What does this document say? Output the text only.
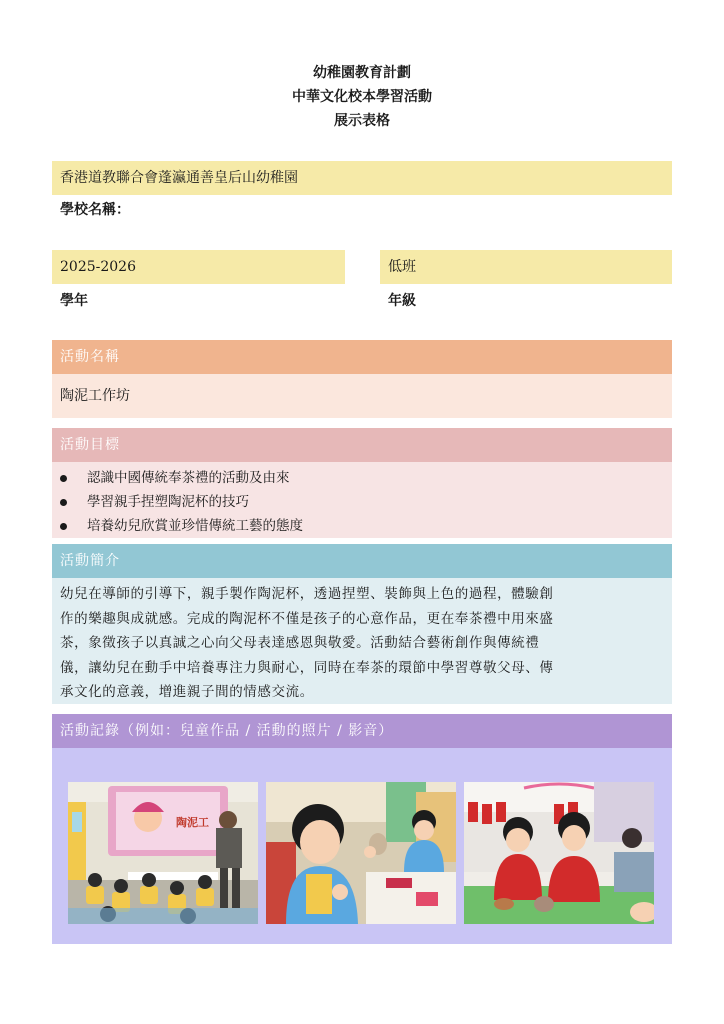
幼稚園教育計劃
中華文化校本學習活動
展示表格
香港道教聯合會蓬瀛通善皇后山幼稚園
學校名稱：
2025-2026
學年
低班
年級
活動名稱
陶泥工作坊
活動目標
認識中國傳統奉茶禮的活動及由來
學習親手捏塑陶泥杯的技巧
培養幼兒欣賞並珍惜傳統工藝的態度
活動簡介
幼兒在導師的引導下，親手製作陶泥杯，透過捏塑、裝飾與上色的過程，體驗創
作的樂趣與成就感。完成的陶泥杯不僅是孩子的心意作品，更在奉茶禮中用來盛
茶，象徵孩子以真誠之心向父母表達感恩與敬愛。活動結合藝術創作與傳統禮
儀，讓幼兒在動手中培養專注力與耐心，同時在奉茶的環節中學習尊敬父母、傳
承文化的意義，增進親子間的情感交流。
活動記錄（例如：兒童作品 / 活動的照片 / 影音）
陶泥工
